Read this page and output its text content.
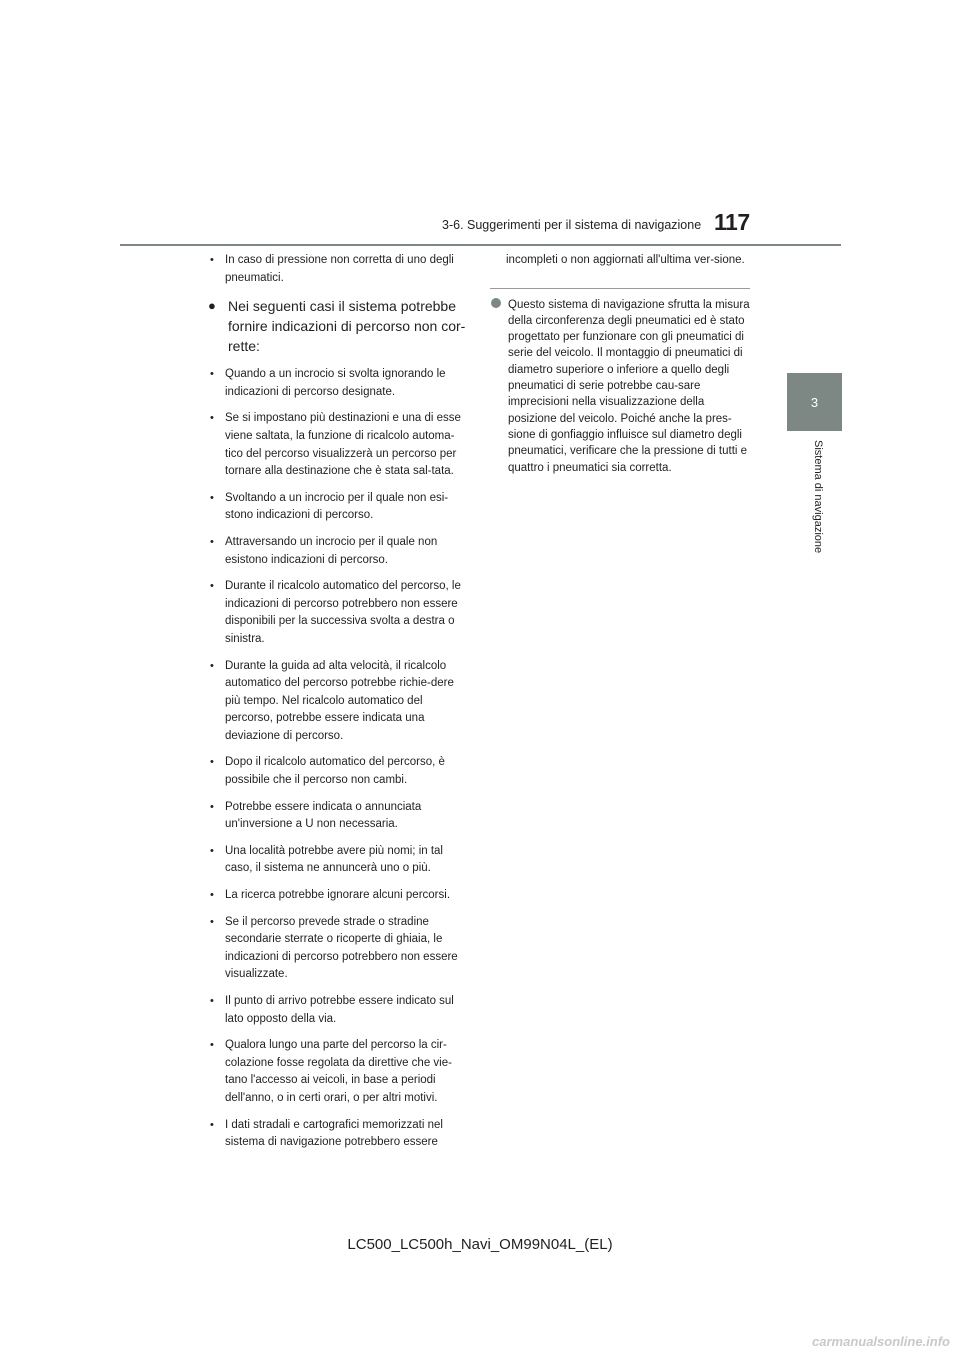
3-6. Suggerimenti per il sistema di navigazione 117
3
Sistema di navigazione
• In caso di pressione non corretta di uno degli pneumatici.
● Nei seguenti casi il sistema potrebbe fornire indicazioni di percorso non cor-rette:
• Quando a un incrocio si svolta ignorando le indicazioni di percorso designate.
• Se si impostano più destinazioni e una di esse viene saltata, la funzione di ricalcolo automa-tico del percorso visualizzerà un percorso per tornare alla destinazione che è stata sal-tata.
• Svoltando a un incrocio per il quale non esi-stono indicazioni di percorso.
• Attraversando un incrocio per il quale non esistono indicazioni di percorso.
• Durante il ricalcolo automatico del percorso, le indicazioni di percorso potrebbero non essere disponibili per la successiva svolta a destra o sinistra.
• Durante la guida ad alta velocità, il ricalcolo automatico del percorso potrebbe richie-dere più tempo. Nel ricalcolo automatico del percorso, potrebbe essere indicata una deviazione di percorso.
• Dopo il ricalcolo automatico del percorso, è possibile che il percorso non cambi.
• Potrebbe essere indicata o annunciata un'inversione a U non necessaria.
• Una località potrebbe avere più nomi; in tal caso, il sistema ne annuncerà uno o più.
• La ricerca potrebbe ignorare alcuni percorsi.
• Se il percorso prevede strade o stradine secondarie sterrate o ricoperte di ghiaia, le indicazioni di percorso potrebbero non essere visualizzate.
• Il punto di arrivo potrebbe essere indicato sul lato opposto della via.
• Qualora lungo una parte del percorso la cir-colazione fosse regolata da direttive che vie-tano l'accesso ai veicoli, in base a periodi dell'anno, o in certi orari, o per altri motivi.
• I dati stradali e cartografici memorizzati nel sistema di navigazione potrebbero essere
incompleti o non aggiornati all'ultima ver-sione.
Questo sistema di navigazione sfrutta la misura della circonferenza degli pneumatici ed è stato progettato per funzionare con gli pneumatici di serie del veicolo. Il montaggio di pneumatici di diametro superiore o inferiore a quello degli pneumatici di serie potrebbe cau-sare imprecisioni nella visualizzazione della posizione del veicolo. Poiché anche la pres-sione di gonfiaggio influisce sul diametro degli pneumatici, verificare che la pressione di tutti e quattro i pneumatici sia corretta.
LC500_LC500h_Navi_OM99N04L_(EL)
carmanualsonline.info
